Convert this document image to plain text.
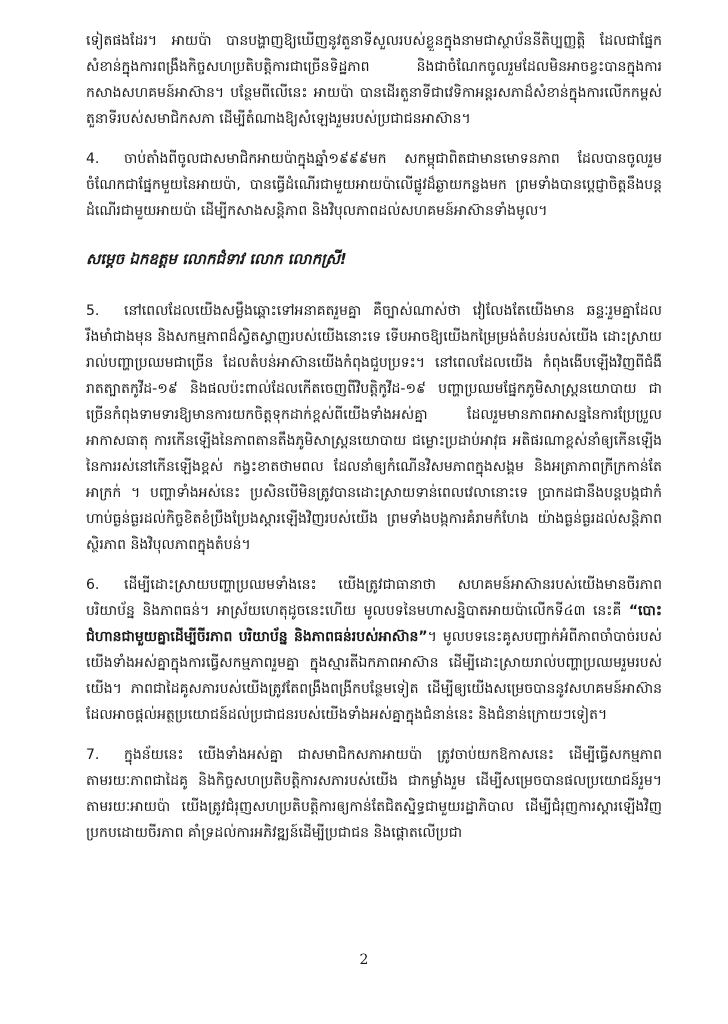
ទៀតផងដែរ។ អាយប៉ា បានបង្ហាញឱ្យឃើញនូវតួនាទីសួលរបស់ខ្លួនក្នុងនាមជាស្ថាប័ននីតិប្បញ្ញត្តិ ដែលជាផ្នែកសំខាន់ក្នុងការពង្រឹងកិច្ចសហប្រតិបត្តិការជាច្រើនទិដ្ឋភាព និងជាចំណែកចូលរួមដែលមិនអាចខ្វះបានក្នុងការកសាងសហគមន៍អាស៊ាន។ បន្ថែមពីលើនេះ អាយប៉ា បានដើរតួនាទីជាវេទិកាអន្តរសភាដ៏សំខាន់ក្នុងការលើកកម្ពស់តួនាទីរបស់សមាជិកសភា ដើម្បីតំណាងឱ្យសំឡេងរួមរបស់ប្រជាជនអាស៊ាន។

4. ចាប់តាំងពីចូលជាសមាជិកអាយប៉ាក្នុងឆ្នាំ១៩៩៩មក សកម្ពុជាពិតជាមានមោទនភាព ដែលបានចូលរួមចំណែកជាផ្នែកមួយនៃអាយប៉ា, បានធ្វើដំណើរជាមួយអាយប៉ាលើផ្លូវដ៏ឆ្ងាយកន្លងមក ព្រមទាំងបានប្តេជ្ញាចិត្តនឹងបន្តដំណើរជាមួយអាយប៉ា ដើម្បីកសាងសន្តិភាព និងវិបុលភាពដល់សហគមន៍អាស៊ានទាំងមូល។

សម្តេច ឯកឧត្តម លោកជំទាវ លោក លោកស្រី!

5. នៅពេលដែលយើងសម្លឹងឆ្ពោះទៅអនាគតរួមគ្នា គឺច្បាស់ណាស់ថា វៀលែងតែយើងមាន ឆន្ទៈរួមគ្នាដែលរឹងមាំជាងមុន និងសកម្មភាពដ៏ស្វិតស្វាញរបស់យើងនោះទេ ទើបអាចឱ្យយើងកម្រៃម្រង់តំបន់របស់យើង ដោះស្រាយរាល់បញ្ហាប្រឈមជាច្រើន ដែលតំបន់អាស៊ានយើងកំពុងជួបប្រទះ។ នៅពេលដែលយើង កំពុងងើបឡើងវិញពីជំងឺរាតត្បាតកូវីដ-១៩ និងផលប៉ះពាល់ដែលកើតចេញពីវិបត្តិកូវីដ-១៩ បញ្ហាប្រឈមផ្នែកភូមិសាស្ត្រនយោបាយ ជាច្រើនកំពុងទាមទារឱ្យមានការយកចិត្តទុកដាក់ខ្ពស់ពីយើងទាំងអស់គ្នា ដែលរួមមានភាពអាសន្ននៃការប្រែប្រួលអាកាសធាតុ ការកើនឡើងនៃភាពតានតឹងភូមិសាស្ត្រនយោបាយ ជម្លោះប្រដាប់អាវុធ អតិផរណាខ្ពស់នាំឲ្យកើនឡើងនៃការរស់នៅកើនឡើងខ្ពស់ កង្វះខាតថាមពល ដែលនាំឲ្យកំណើនវិសមភាពក្នុងសង្គម និងអត្រាភាពក្រីក្រកាន់តែអាក្រក់ ។ បញ្ហាទាំងអស់នេះ ប្រសិនបើមិនត្រូវបានដោះស្រាយទាន់ពេលវេលានោះទេ ប្រាកដជានឹងបន្តបង្កជាកំហាប់ធ្ងន់ធ្ងរដល់កិច្ចខិតខំប្រឹងប្រែងស្តារឡើងវិញរបស់យើង ព្រមទាំងបង្កការគំរាមកំហែង យ៉ាងធ្ងន់ធ្ងរដល់សន្តិភាព ស្ថិរភាព និងវិបុលភាពក្នុងតំបន់។

6. ដើម្បីដោះស្រាយបញ្ហាប្រឈមទាំងនេះ យើងត្រូវជាធានាថា សហគមន៍អាស៊ានរបស់យើងមានចីរភាព បរិយាប័ន្ន និងភាពធន់។ អាស្រ័យហេតុដូចនេះហើយ មូលបទនៃមហាសន្និបាតអាយប៉ាលើកទី៤៣ នេះគឺ “បោះជំហានជាមួយគ្នាដើម្បីចីរភាព បរិយាប័ន្ន និងភាពធន់របស់អាស៊ាន”។ មូលបទនេះគូសបញ្ជាក់អំពីភាពចាំបាច់របស់យើងទាំងអស់គ្នាក្នុងការធ្វើសកម្មភាពរួមគ្នា ក្នុងស្មារតីឯកភាពអាស៊ាន ដើម្បីដោះស្រាយរាល់បញ្ហាប្រឈមរួមរបស់យើង។ ភាពជាដៃគូសភារបស់យើងត្រូវតែពង្រឹងពង្រីកបន្ថែមទៀត ដើម្បីឲ្យយើងសម្រេចបាននូវសហគមន៍អាស៊ាន ដែលអាចផ្តល់អត្ថប្រយោជន៍ដល់ប្រជាជនរបស់យើងទាំងអស់គ្នាក្នុងជំនាន់នេះ និងជំនាន់ក្រោយៗទៀត។

7. ក្នុងន័យនេះ យើងទាំងអស់គ្នា ជាសមាជិកសភាអាយប៉ា ត្រូវចាប់យកឱកាសនេះ ដើម្បីធ្វើសកម្មភាព តាមរយៈភាពជាដៃគូ និងកិច្ចសហប្រតិបត្តិការសភារបស់យើង ជាកម្លាំងរួម ដើម្បីសម្រេចបានផលប្រយោជន៍រួម។ តាមរយៈអាយប៉ា យើងត្រូវជំរុញសហប្រតិបត្តិការឲ្យកាន់តែជិតស្និទ្ធជាមួយរដ្ឋាភិបាល ដើម្បីជំរុញការស្តារឡើងវិញប្រកបដោយចីរភាព គាំទ្រដល់ការអភិវឌ្ឍន៍ដើម្បីប្រជាជន និងផ្តោតលើប្រជា

2
